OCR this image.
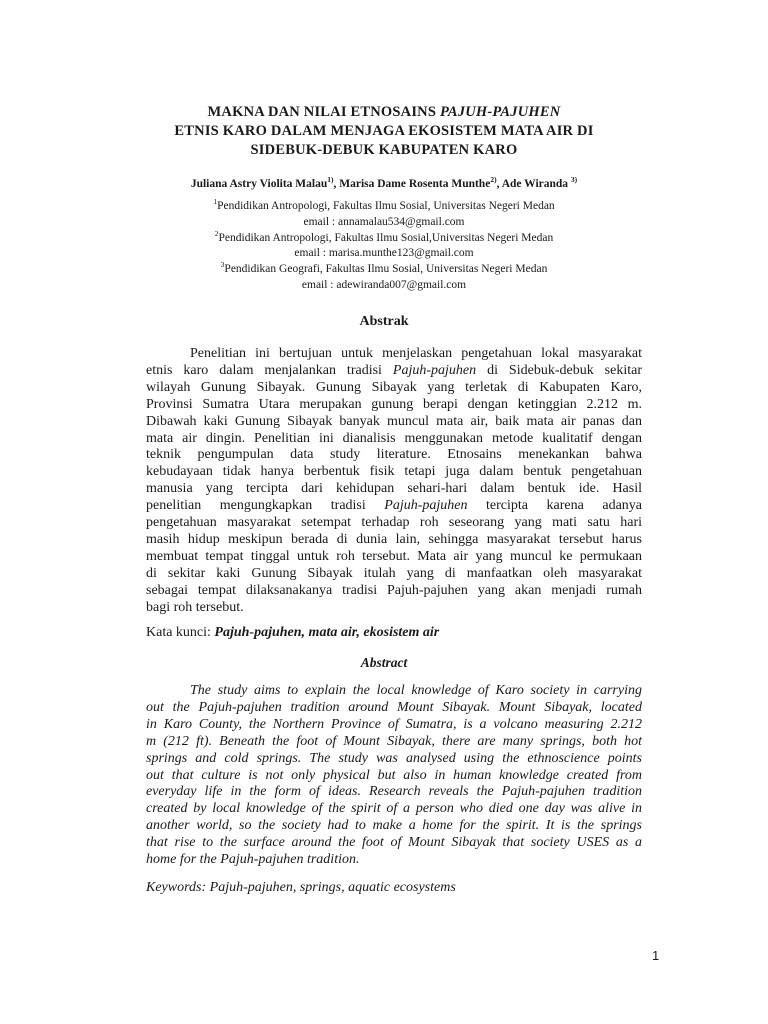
MAKNA DAN NILAI ETNOSAINS PAJUH-PAJUHEN
ETNIS KARO DALAM MENJAGA EKOSISTEM MATA AIR DI
SIDEBUK-DEBUK KABUPATEN KARO
Juliana Astry Violita Malau$^{1)}$, Marisa Dame Rosenta Munthe$^{2)}$, Ade Wiranda $^{3)}$
$^1$Pendidikan Antropologi, Fakultas Ilmu Sosial, Universitas Negeri Medan
email : annamalau534@gmail.com
$^2$Pendidikan Antropologi, Fakultas Ilmu Sosial,Universitas Negeri Medan
email : marisa.munthe123@gmail.com
$^3$Pendidikan Geografi, Fakultas Ilmu Sosial, Universitas Negeri Medan
email : adewiranda007@gmail.com
Abstrak
Penelitian ini bertujuan untuk menjelaskan pengetahuan lokal masyarakat
etnis karo dalam menjalankan tradisi Pajuh-pajuhen di Sidebuk-debuk sekitar
wilayah Gunung Sibayak. Gunung Sibayak yang terletak di Kabupaten Karo,
Provinsi Sumatra Utara merupakan gunung berapi dengan ketinggian 2.212 m.
Dibawah kaki Gunung Sibayak banyak muncul mata air, baik mata air panas dan
mata air dingin. Penelitian ini dianalisis menggunakan metode kualitatif dengan
teknik pengumpulan data study literature. Etnosains menekankan bahwa
kebudayaan tidak hanya berbentuk fisik tetapi juga dalam bentuk pengetahuan
manusia yang tercipta dari kehidupan sehari-hari dalam bentuk ide. Hasil
penelitian mengungkapkan tradisi Pajuh-pajuhen tercipta karena adanya
pengetahuan masyarakat setempat terhadap roh seseorang yang mati satu hari
masih hidup meskipun berada di dunia lain, sehingga masyarakat tersebut harus
membuat tempat tinggal untuk roh tersebut. Mata air yang muncul ke permukaan
di sekitar kaki Gunung Sibayak itulah yang di manfaatkan oleh masyarakat
sebagai tempat dilaksanakanya tradisi Pajuh-pajuhen yang akan menjadi rumah
bagi roh tersebut.
Kata kunci: Pajuh-pajuhen, mata air, ekosistem air
Abstract
The study aims to explain the local knowledge of Karo society in carrying
out the Pajuh-pajuhen tradition around Mount Sibayak. Mount Sibayak, located
in Karo County, the Northern Province of Sumatra, is a volcano measuring 2.212
m (212 ft). Beneath the foot of Mount Sibayak, there are many springs, both hot
springs and cold springs. The study was analysed using the ethnoscience points
out that culture is not only physical but also in human knowledge created from
everyday life in the form of ideas. Research reveals the Pajuh-pajuhen tradition
created by local knowledge of the spirit of a person who died one day was alive in
another world, so the society had to make a home for the spirit. It is the springs
that rise to the surface around the foot of Mount Sibayak that society USES as a
home for the Pajuh-pajuhen tradition.
Keywords: Pajuh-pajuhen, springs, aquatic ecosystems
1
